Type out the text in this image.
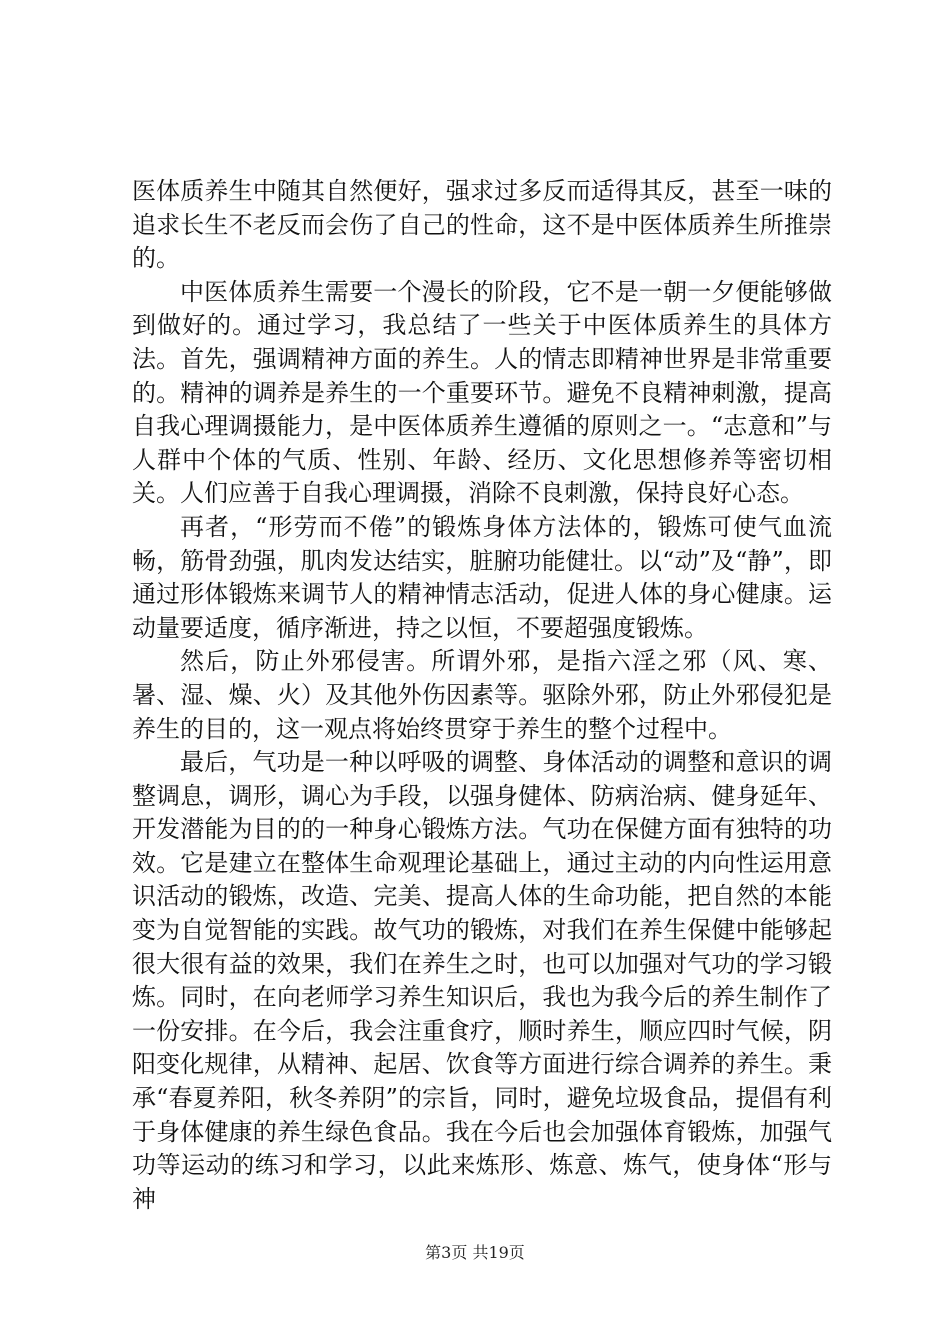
医体质养生中随其自然便好，强求过多反而适得其反，甚至一味的追求长生不老反而会伤了自己的性命，这不是中医体质养生所推崇的。

中医体质养生需要一个漫长的阶段，它不是一朝一夕便能够做到做好的。通过学习，我总结了一些关于中医体质养生的具体方法。首先，强调精神方面的养生。人的情志即精神世界是非常重要的。精神的调养是养生的一个重要环节。避免不良精神刺激，提高自我心理调摄能力，是中医体质养生遵循的原则之一。“志意和”与人群中个体的气质、性别、年龄、经历、文化思想修养等密切相关。人们应善于自我心理调摄，消除不良刺激，保持良好心态。

再者，“形劳而不倦”的锻炼身体方法体的，锻炼可使气血流畅，筋骨劲强，肌肉发达结实，脏腑功能健壮。以“动”及“静”，即通过形体锻炼来调节人的精神情志活动，促进人体的身心健康。运动量要适度，循序渐进，持之以恒，不要超强度锻炼。

然后，防止外邪侵害。所谓外邪，是指六淫之邪（风、寒、暑、湿、燥、火）及其他外伤因素等。驱除外邪，防止外邪侵犯是养生的目的，这一观点将始终贯穿于养生的整个过程中。

最后，气功是一种以呼吸的调整、身体活动的调整和意识的调整调息，调形，调心为手段，以强身健体、防病治病、健身延年、开发潜能为目的的一种身心锻炼方法。气功在保健方面有独特的功效。它是建立在整体生命观理论基础上，通过主动的内向性运用意识活动的锻炼，改造、完美、提高人体的生命功能，把自然的本能变为自觉智能的实践。故气功的锻炼，对我们在养生保健中能够起很大很有益的效果，我们在养生之时，也可以加强对气功的学习锻炼。同时，在向老师学习养生知识后，我也为我今后的养生制作了一份安排。在今后，我会注重食疗，顺时养生，顺应四时气候，阴阳变化规律，从精神、起居、饮食等方面进行综合调养的养生。秉承“春夏养阳，秋冬养阴”的宗旨，同时，避免垃圾食品，提倡有利于身体健康的养生绿色食品。我在今后也会加强体育锻炼，加强气功等运动的练习和学习，以此来炼形、炼意、炼气，使身体“形与神

第3页 共19页
